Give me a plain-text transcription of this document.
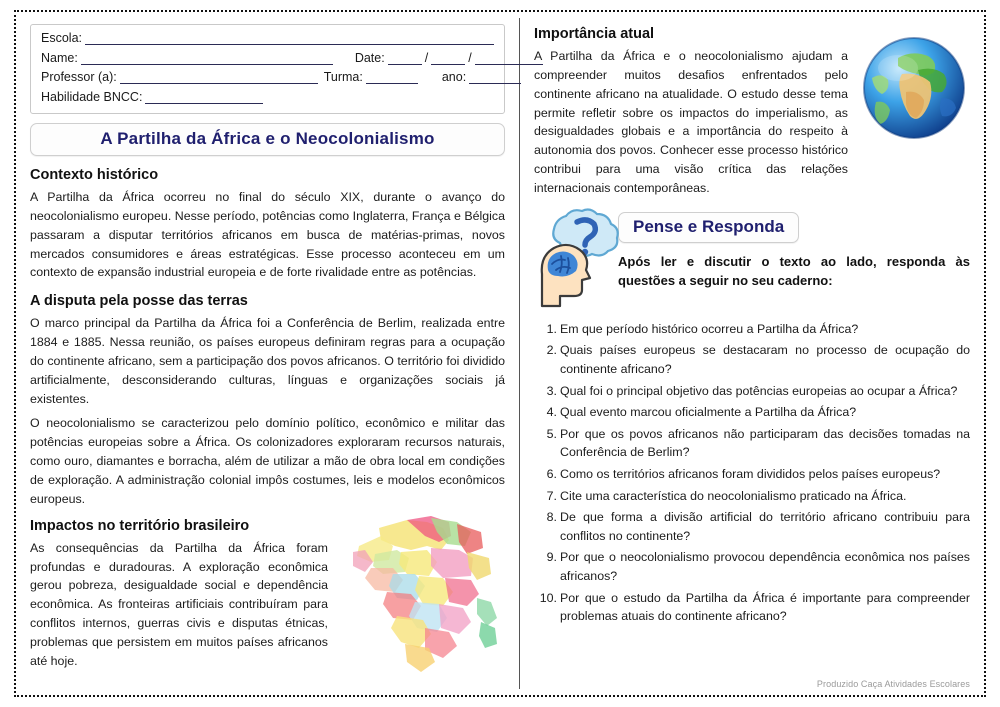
Escola:
Name:	Date:	/	/
Professor (a):	Turma:	ano:
Habilidade BNCC:
A Partilha da África e o Neocolonialismo
Contexto histórico

A Partilha da África ocorreu no final do século XIX, durante o avanço do neocolonialismo europeu. Nesse período, potências como Inglaterra, França e Bélgica passaram a disputar territórios africanos em busca de matérias-primas, novos mercados consumidores e áreas estratégicas. Esse processo aconteceu em um contexto de expansão industrial europeia e de forte rivalidade entre as potências.

A disputa pela posse das terras

O marco principal da Partilha da África foi a Conferência de Berlim, realizada entre 1884 e 1885. Nessa reunião, os países europeus definiram regras para a ocupação do continente africano, sem a participação dos povos africanos. O território foi dividido artificialmente, desconsiderando culturas, línguas e organizações sociais já existentes.

O neocolonialismo se caracterizou pelo domínio político, econômico e militar das potências europeias sobre a África. Os colonizadores exploraram recursos naturais, como ouro, diamantes e borracha, além de utilizar a mão de obra local em condições de exploração. A administração colonial impôs costumes, leis e modelos econômicos europeus.

Impactos no território brasileiro

As consequências da Partilha da África foram profundas e duradouras. A exploração econômica gerou pobreza, desigualdade social e dependência econômica. As fronteiras artificiais contribuíram para conflitos internos, guerras civis e disputas étnicas, problemas que persistem em muitos países africanos até hoje.

Importância atual

A Partilha da África e o neocolonialismo ajudam a compreender muitos desafios enfrentados pelo continente africano na atualidade. O estudo desse tema permite refletir sobre os impactos do imperialismo, as desigualdades globais e a importância do respeito à autonomia dos povos. Conhecer esse processo histórico contribui para uma visão crítica das relações internacionais contemporâneas.

Pense e Responda
Após ler e discutir o texto ao lado, responda às questões a seguir no seu caderno:
Em que período histórico ocorreu a Partilha da África?
Quais países europeus se destacaram no processo de ocupação do continente africano?
Qual foi o principal objetivo das potências europeias ao ocupar a África?
Qual evento marcou oficialmente a Partilha da África?
Por que os povos africanos não participaram das decisões tomadas na Conferência de Berlim?
Como os territórios africanos foram divididos pelos países europeus?
Cite uma característica do neocolonialismo praticado na África.
De que forma a divisão artificial do território africano contribuiu para conflitos no continente?
Por que o neocolonialismo provocou dependência econômica nos países africanos?
Por que o estudo da Partilha da África é importante para compreender problemas atuais do continente africano?
Produzido Caça Atividades Escolares
